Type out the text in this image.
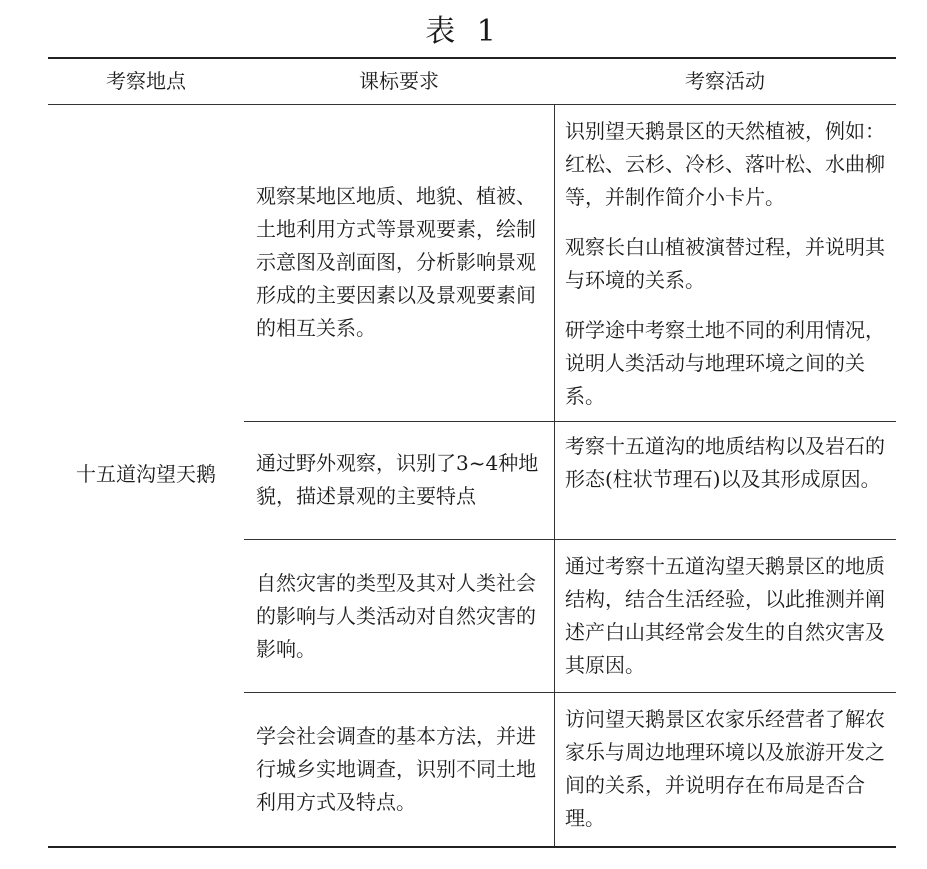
表 1
考察地点	课标要求	考察活动
十五道沟望天鹅

观察某地区地质、地貌、植被、土地利用方式等景观要素，绘制示意图及剖面图，分析影响景观形成的主要因素以及景观要素间的相互关系。

识别望天鹅景区的天然植被，例如：红松、云杉、冷杉、落叶松、水曲柳等，并制作简介小卡片。

观察长白山植被演替过程，并说明其与环境的关系。

研学途中考察土地不同的利用情况，说明人类活动与地理环境之间的关系。

通过野外观察，识别了3~4种地貌，描述景观的主要特点

考察十五道沟的地质结构以及岩石的形态(柱状节理石)以及其形成原因。

自然灾害的类型及其对人类社会的影响与人类活动对自然灾害的影响。

通过考察十五道沟望天鹅景区的地质结构，结合生活经验，以此推测并阐述产白山其经常会发生的自然灾害及其原因。

学会社会调查的基本方法，并进行城乡实地调查，识别不同土地利用方式及特点。

访问望天鹅景区农家乐经营者了解农家乐与周边地理环境以及旅游开发之间的关系，并说明存在布局是否合理。
